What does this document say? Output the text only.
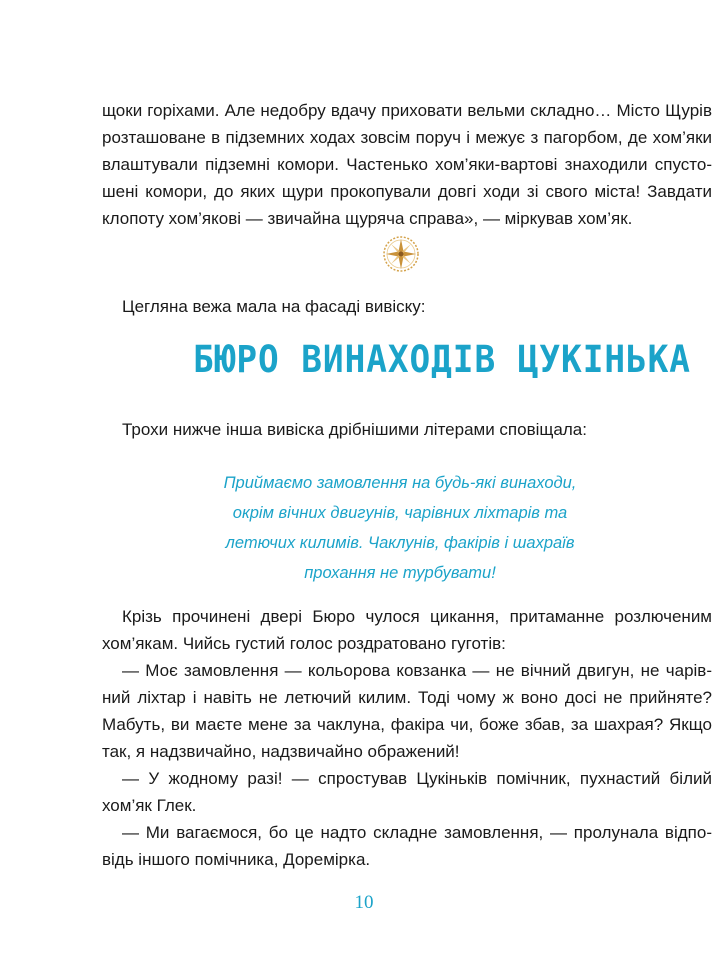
щоки горіхами. Але недобру вдачу приховати вельми складно… Місто Щурів
розташоване в підземних ходах зовсім поруч і межує з пагорбом, де хом’яки
влаштували підземні комори. Частенько хом’яки-вартові знаходили спусто-
шені комори, до яких щури прокопували довгі ходи зі свого міста! Завдати
клопоту хом’якові — звичайна щуряча справа», — міркував хом’як.

Цегляна вежа мала на фасаді вивіску:

БЮРО ВИНАХОДІВ ЦУКІНЬКА

Трохи нижче інша вивіска дрібнішими літерами сповіщала:

Приймаємо замовлення на будь-які винаходи,
окрім вічних двигунів, чарівних ліхтарів та
летючих килимів. Чаклунів, факірів і шахраїв
прохання не турбувати!

Крізь прочинені двері Бюро чулося цикання, притаманне розлюченим
хом’якам. Чийсь густий голос роздратовано гуготів:

— Моє замовлення — кольорова ковзанка — не вічний двигун, не чарів-
ний ліхтар і навіть не летючий килим. Тоді чому ж воно досі не прийняте?
Мабуть, ви маєте мене за чаклуна, факіра чи, боже збав, за шахрая? Якщо
так, я надзвичайно, надзвичайно ображений!

— У жодному разі! — спростував Цукіньків помічник, пухнастий білий
хом’як Глек.

— Ми вагаємося, бо це надто складне замовлення, — пролунала відпо-
відь іншого помічника, Доремірка.

10
